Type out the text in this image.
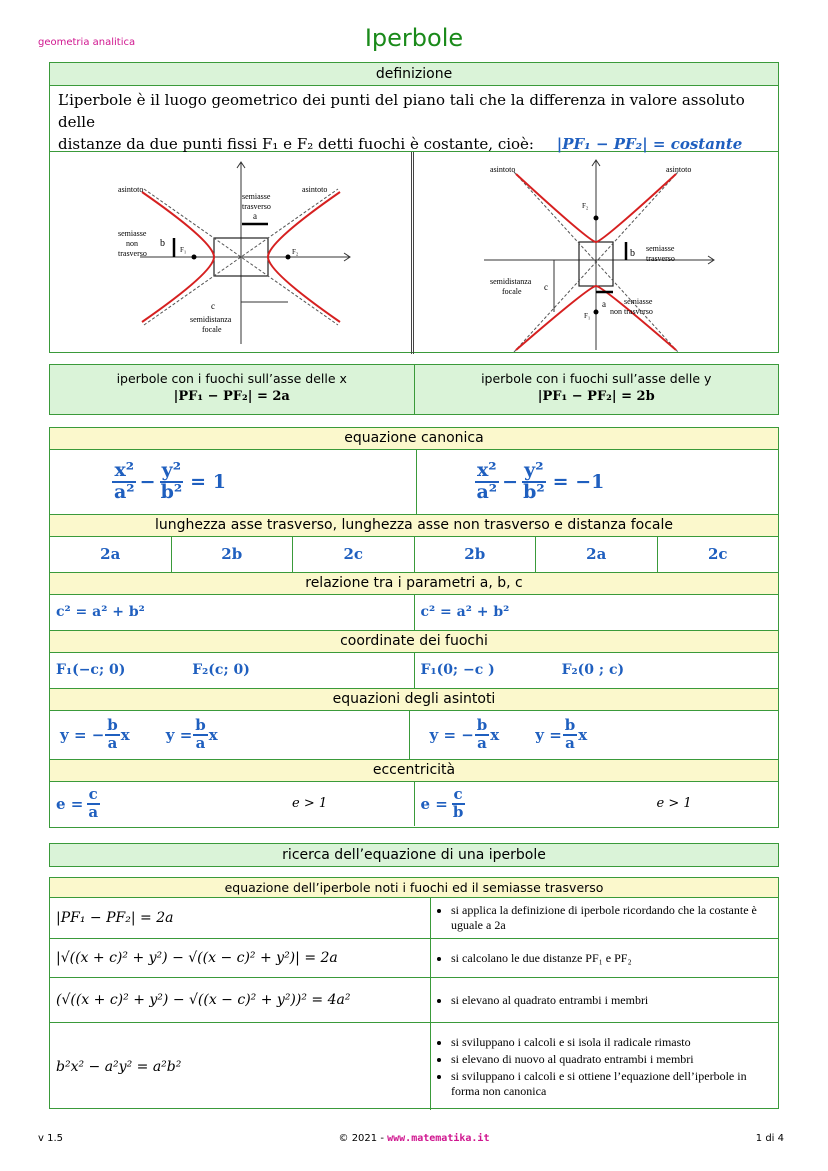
geometria analitica	Iperbole
definizione
L’iperbole è il luogo geometrico dei punti del piano tali che la differenza in valore assoluto delle
distanze da due punti fissi F₁ e F₂ detti fuochi è costante, cioè: |PF₁ − PF₂| = costante
F₁	F₂
asintoto	asintoto
semiasse
trasverso
a
semiasse
non
trasverso
b
c
semidistanza
focale
F₂
F₁
asintoto	asintoto
b semiasse
trasverso
c
semidistanza
focale
a semiasse
non trasverso
iperbole con i fuochi sull’asse delle x
|PF₁ − PF₂| = 2a
iperbole con i fuochi sull’asse delle y
|PF₁ − PF₂| = 2b
equazione canonica
$\frac{\text{x²}}{\text{a²}} - \frac{\text{y²}}{\text{b²}} = 1$	$\frac{\text{x²}}{\text{a²}} - \frac{\text{y²}}{\text{b²}} = -1$
lunghezza asse trasverso, lunghezza asse non trasverso e distanza focale
2a	2b	2c	2b	2a	2c
relazione tra i parametri a, b, c
c² = a² + b²	c² = a² + b²
coordinate dei fuochi
F₁(−c; 0)	F₂(c; 0)	F₁(0; −c )	F₂(0 ; c)
equazioni degli asintoti
y = − $\frac{b}{a}$ x $y = \frac{b}{a}$ x	y = − $\frac{b}{a}$ x $y = \frac{b}{a}$ x
eccentricità
$e = \frac{c}{a}$	e > 1	$e = \frac{c}{b}$	e > 1
ricerca dell’equazione di una iperbole
equazione dell’iperbole noti i fuochi ed il semiasse trasverso
|PF₁ − PF₂| = 2a	• si applica la definizione di iperbole ricordando che la costante è uguale a 2a
|√((x + c)² + y²) − √((x − c)² + y²)| = 2a	• si calcolano le due distanze PF₁ e PF₂
(√((x + c)² + y²) − √((x − c)² + y²))² = 4a²	• si elevano al quadrato entrambi i membri
b²x² − a²y² = a²b²
• si sviluppano i calcoli e si isola il radicale rimasto
• si elevano di nuovo al quadrato entrambi i membri
• si sviluppano i calcoli e si ottiene l’equazione dell’iperbole in forma non canonica
v 1.5	© 2021 - www.matematika.it	1 di 4
